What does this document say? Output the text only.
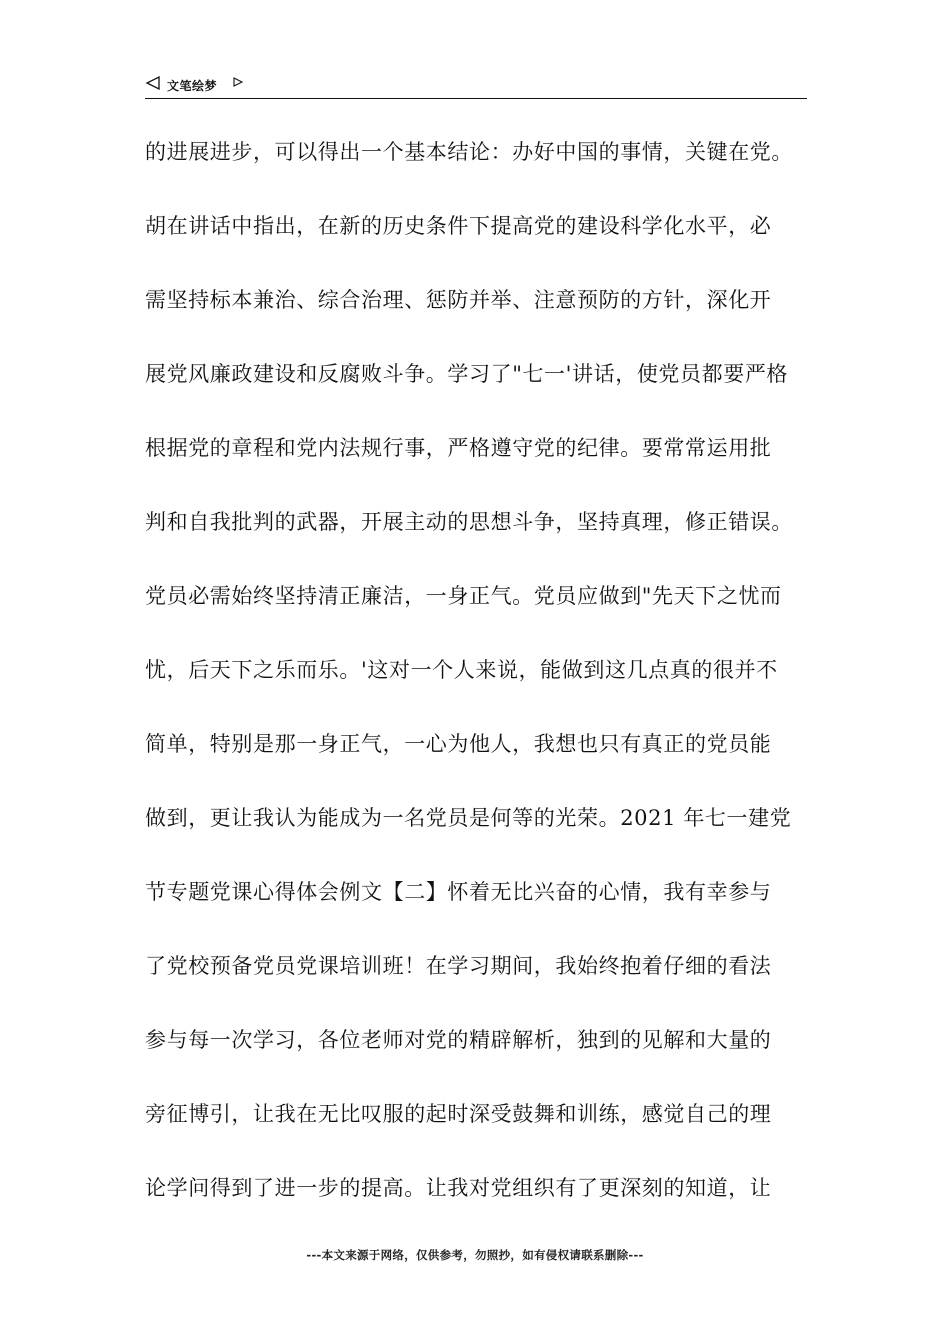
文笔绘梦
的进展进步，可以得出一个基本结论：办好中国的事情，关键在党。
胡在讲话中指出，在新的历史条件下提高党的建设科学化水平，必
需坚持标本兼治、综合治理、惩防并举、注意预防的方针，深化开
展党风廉政建设和反腐败斗争。学习了"七一'讲话，使党员都要严格
根据党的章程和党内法规行事，严格遵守党的纪律。要常常运用批
判和自我批判的武器，开展主动的思想斗争，坚持真理，修正错误。
党员必需始终坚持清正廉洁，一身正气。党员应做到"先天下之忧而
忧，后天下之乐而乐。'这对一个人来说，能做到这几点真的很并不
简单，特别是那一身正气，一心为他人，我想也只有真正的党员能
做到，更让我认为能成为一名党员是何等的光荣。2021 年七一建党
节专题党课心得体会例文【二】怀着无比兴奋的心情，我有幸参与
了党校预备党员党课培训班！在学习期间，我始终抱着仔细的看法
参与每一次学习，各位老师对党的精辟解析，独到的见解和大量的
旁征博引，让我在无比叹服的起时深受鼓舞和训练，感觉自己的理
论学问得到了进一步的提高。让我对党组织有了更深刻的知道，让
---本文来源于网络，仅供参考，勿照抄，如有侵权请联系删除---
